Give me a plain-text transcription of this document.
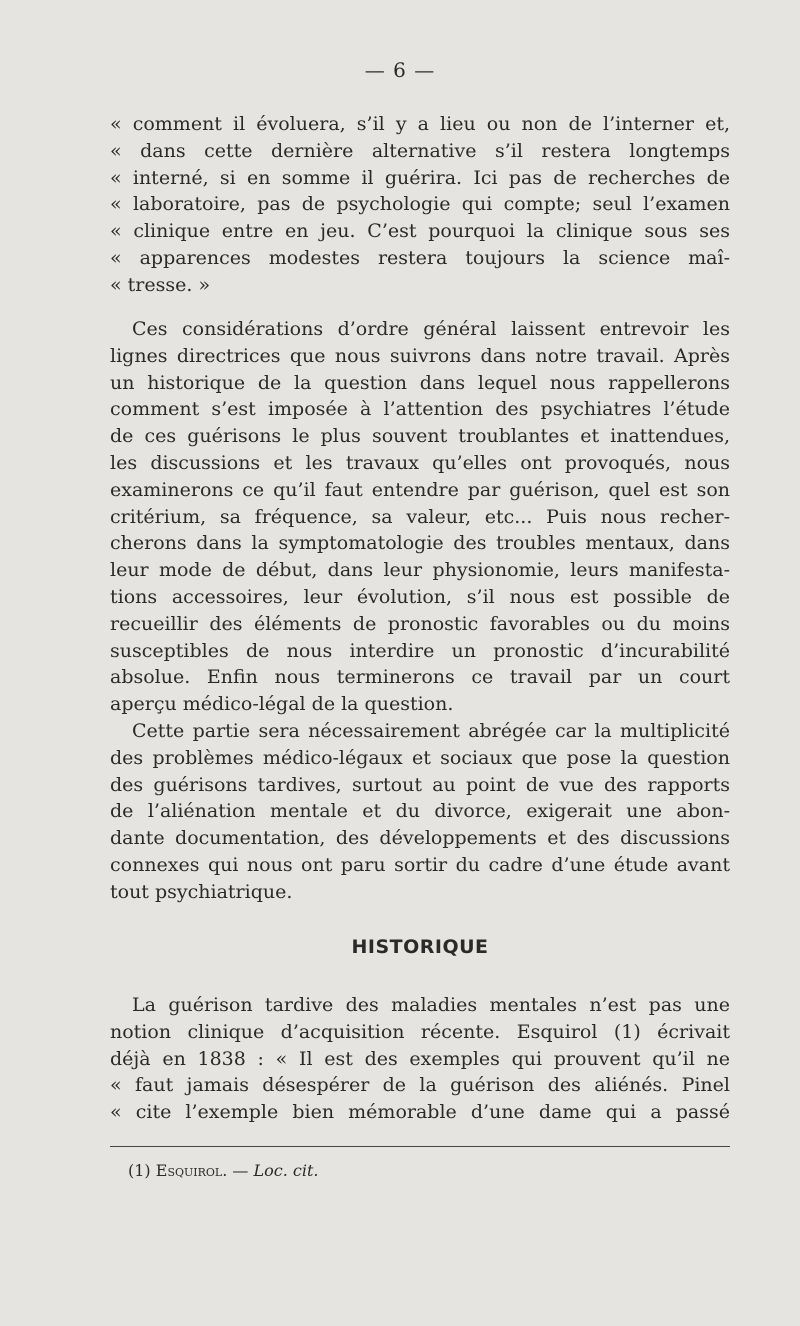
— 6 —
« comment il évoluera, s’il y a lieu ou non de l’interner et,
« dans cette dernière alternative s’il restera longtemps
« interné, si en somme il guérira. Ici pas de recherches de
« laboratoire, pas de psychologie qui compte; seul l’examen
« clinique entre en jeu. C’est pourquoi la clinique sous ses
« apparences modestes restera toujours la science maî-
« tresse. »
Ces considérations d’ordre général laissent entrevoir les
lignes directrices que nous suivrons dans notre travail. Après
un historique de la question dans lequel nous rappellerons
comment s’est imposée à l’attention des psychiatres l’étude
de ces guérisons le plus souvent troublantes et inattendues,
les discussions et les travaux qu’elles ont provoqués, nous
examinerons ce qu’il faut entendre par guérison, quel est son
critérium, sa fréquence, sa valeur, etc... Puis nous recher-
cherons dans la symptomatologie des troubles mentaux, dans
leur mode de début, dans leur physionomie, leurs manifesta-
tions accessoires, leur évolution, s’il nous est possible de
recueillir des éléments de pronostic favorables ou du moins
susceptibles de nous interdire un pronostic d’incurabilité
absolue. Enfin nous terminerons ce travail par un court
aperçu médico-légal de la question.
Cette partie sera nécessairement abrégée car la multiplicité
des problèmes médico-légaux et sociaux que pose la question
des guérisons tardives, surtout au point de vue des rapports
de l’aliénation mentale et du divorce, exigerait une abon-
dante documentation, des développements et des discussions
connexes qui nous ont paru sortir du cadre d’une étude avant
tout psychiatrique.
HISTORIQUE
La guérison tardive des maladies mentales n’est pas une
notion clinique d’acquisition récente. Esquirol (1) écrivait
déjà en 1838 : « Il est des exemples qui prouvent qu’il ne
« faut jamais désespérer de la guérison des aliénés. Pinel
« cite l’exemple bien mémorable d’une dame qui a passé
(1) Esquirol. — Loc. cit.
